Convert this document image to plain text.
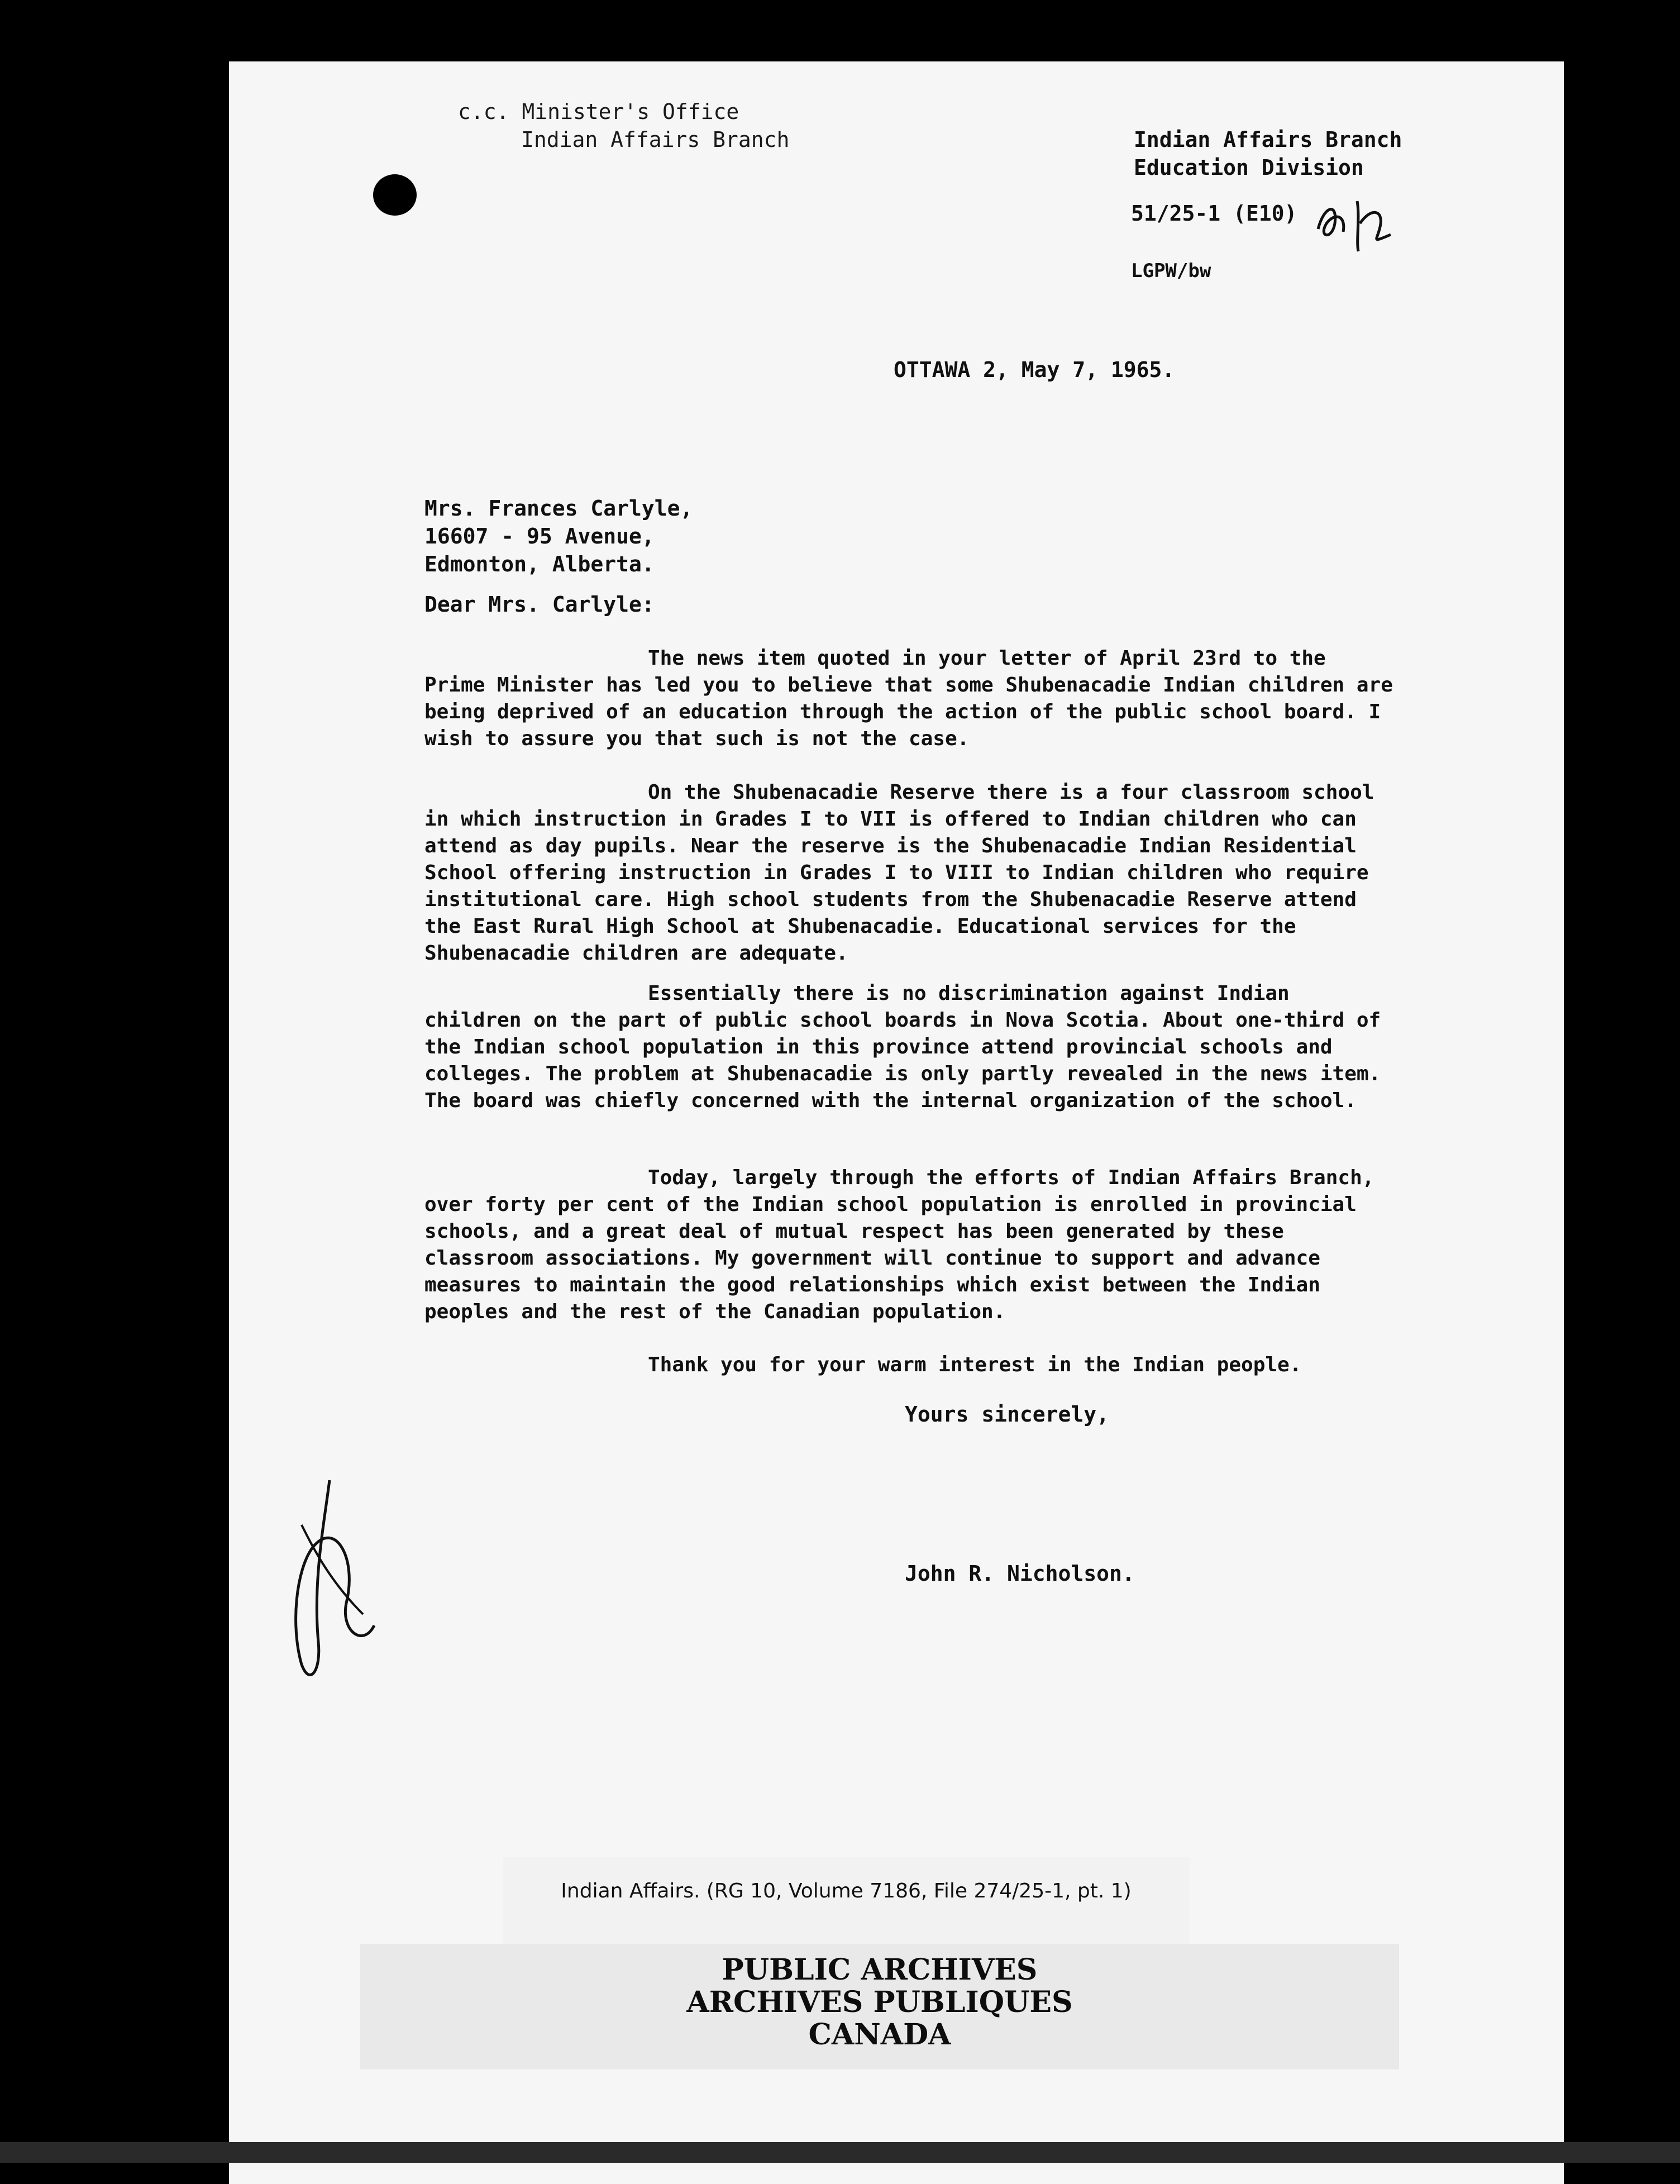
c.c. Minister's Office
Indian Affairs Branch	Indian Affairs Branch
Education Division
51/25-1 (E10)
LGPW/bw
OTTAWA 2, May 7, 1965.
Mrs. Frances Carlyle,
16607 - 95 Avenue,
Edmonton, Alberta.
Dear Mrs. Carlyle:
The news item quoted in your letter of April 23rd to the Prime Minister has led you to believe that some Shubenacadie Indian children are being deprived of an education through the action of the public school board. I wish to assure you that such is not the case.
On the Shubenacadie Reserve there is a four classroom school in which instruction in Grades I to VII is offered to Indian children who can attend as day pupils. Near the reserve is the Shubenacadie Indian Residential School offering instruction in Grades I to VIII to Indian children who require institutional care. High school students from the Shubenacadie Reserve attend the East Rural High School at Shubenacadie. Educational services for the Shubenacadie children are adequate.
Essentially there is no discrimination against Indian children on the part of public school boards in Nova Scotia. About one-third of the Indian school population in this province attend provincial schools and colleges. The problem at Shubenacadie is only partly revealed in the news item. The board was chiefly concerned with the internal organization of the school.
Today, largely through the efforts of Indian Affairs Branch, over forty per cent of the Indian school population is enrolled in provincial schools, and a great deal of mutual respect has been generated by these classroom associations. My government will continue to support and advance measures to maintain the good relationships which exist between the Indian peoples and the rest of the Canadian population.
Thank you for your warm interest in the Indian people.
Yours sincerely,
John R. Nicholson.
Indian Affairs. (RG 10, Volume 7186, File 274/25-1, pt. 1)
PUBLIC ARCHIVES
ARCHIVES PUBLIQUES
CANADA
